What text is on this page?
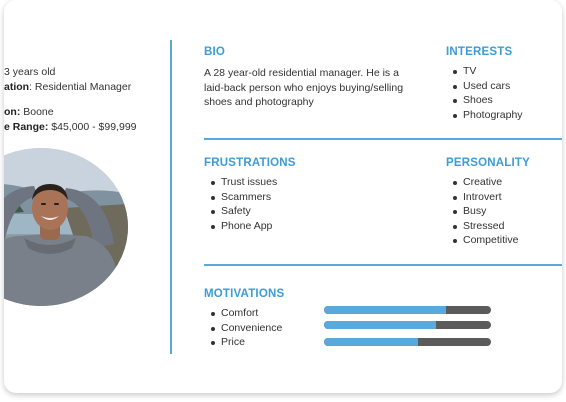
3 years old
ation: Residential Manager
on: Boone
e Range: $45,000 - $99,999
BIO
A 28 year-old residential manager. He is a laid-back person who enjoys buying/selling shoes and photography
INTERESTS
TV
Used cars
Shoes
Photography
FRUSTRATIONS
Trust issues
Scammers
Safety
Phone App
PERSONALITY
Creative
Introvert
Busy
Stressed
Competitive
MOTIVATIONS
Comfort
Convenience
Price
